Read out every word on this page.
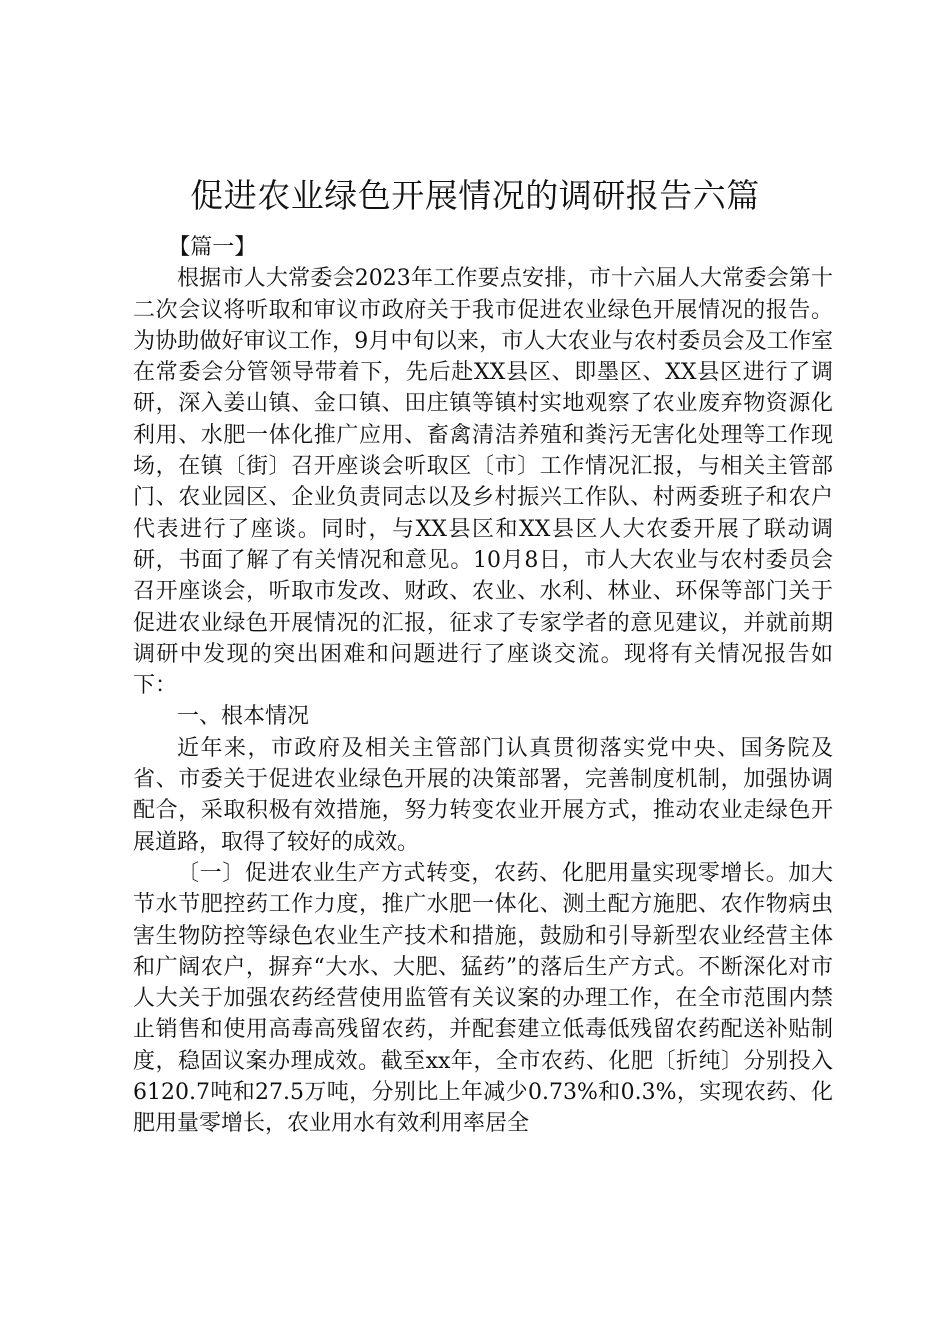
促进农业绿色开展情况的调研报告六篇

【篇一】

根据市人大常委会2023年工作要点安排，市十六届人大常委会第十二次会议将听取和审议市政府关于我市促进农业绿色开展情况的报告。为协助做好审议工作，9月中旬以来，市人大农业与农村委员会及工作室在常委会分管领导带着下，先后赴XX县区、即墨区、XX县区进行了调研，深入姜山镇、金口镇、田庄镇等镇村实地观察了农业废弃物资源化利用、水肥一体化推广应用、畜禽清洁养殖和粪污无害化处理等工作现场，在镇〔街〕召开座谈会听取区〔市〕工作情况汇报，与相关主管部门、农业园区、企业负责同志以及乡村振兴工作队、村两委班子和农户代表进行了座谈。同时，与XX县区和XX县区人大农委开展了联动调研，书面了解了有关情况和意见。10月8日，市人大农业与农村委员会召开座谈会，听取市发改、财政、农业、水利、林业、环保等部门关于促进农业绿色开展情况的汇报，征求了专家学者的意见建议，并就前期调研中发现的突出困难和问题进行了座谈交流。现将有关情况报告如下：

一、根本情况

近年来，市政府及相关主管部门认真贯彻落实党中央、国务院及省、市委关于促进农业绿色开展的决策部署，完善制度机制，加强协调配合，采取积极有效措施，努力转变农业开展方式，推动农业走绿色开展道路，取得了较好的成效。

〔一〕促进农业生产方式转变，农药、化肥用量实现零增长。加大节水节肥控药工作力度，推广水肥一体化、测土配方施肥、农作物病虫害生物防控等绿色农业生产技术和措施，鼓励和引导新型农业经营主体和广阔农户，摒弃“大水、大肥、猛药”的落后生产方式。不断深化对市人大关于加强农药经营使用监管有关议案的办理工作，在全市范围内禁止销售和使用高毒高残留农药，并配套建立低毒低残留农药配送补贴制度，稳固议案办理成效。截至xx年，全市农药、化肥〔折纯〕分别投入6120.7吨和27.5万吨，分别比上年减少0.73%和0.3%，实现农药、化肥用量零增长，农业用水有效利用率居全
